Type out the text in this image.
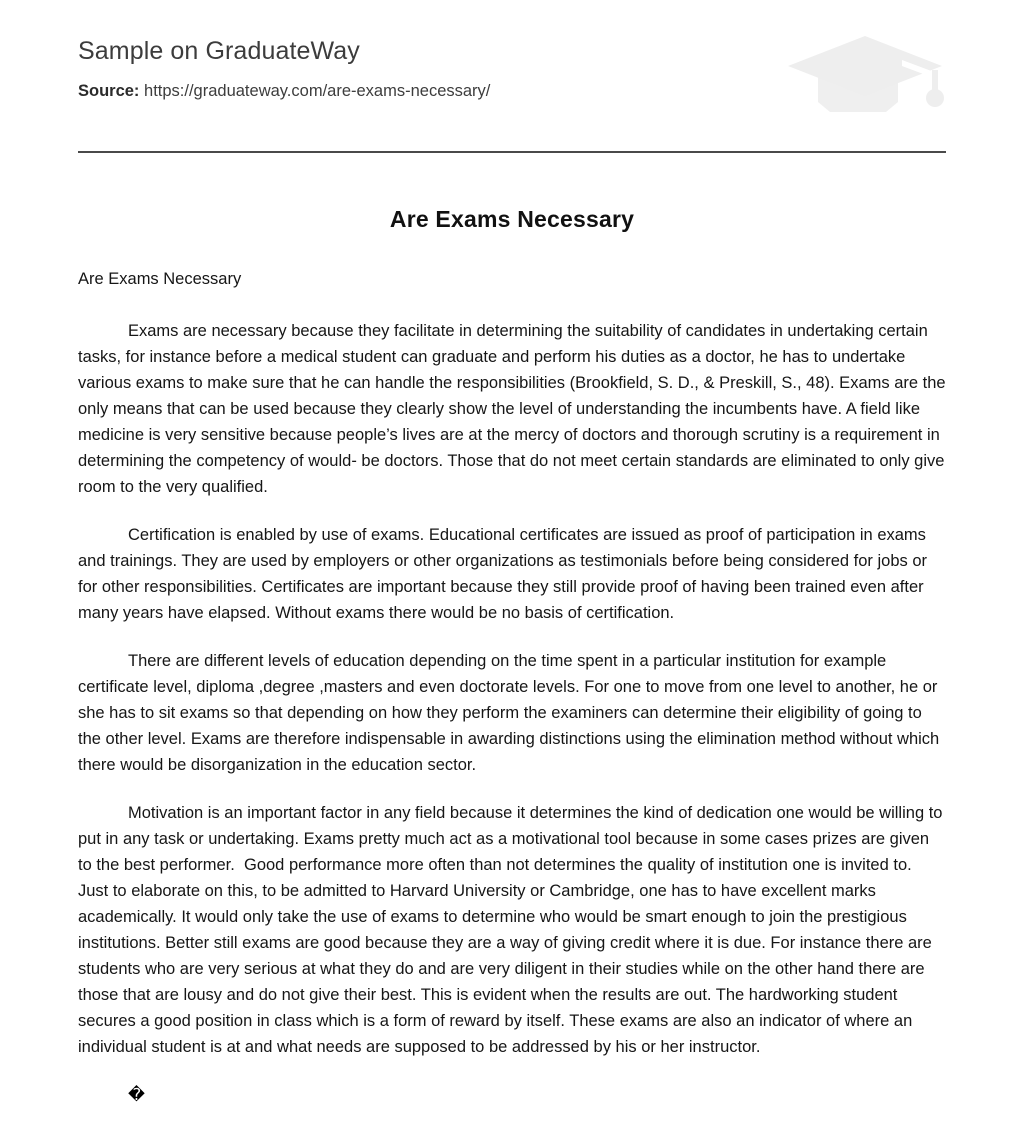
Sample on GraduateWay
Source: https://graduateway.com/are-exams-necessary/
Are Exams Necessary

Are Exams Necessary

Exams are necessary because they facilitate in determining the suitability of candidates in undertaking certain tasks, for instance before a medical student can graduate and perform his duties as a doctor, he has to undertake various exams to make sure that he can handle the responsibilities (Brookfield, S. D., & Preskill, S., 48). Exams are the only means that can be used because they clearly show the level of understanding the incumbents have. A field like medicine is very sensitive because people’s lives are at the mercy of doctors and thorough scrutiny is a requirement in determining the competency of would- be doctors. Those that do not meet certain standards are eliminated to only give room to the very qualified.

Certification is enabled by use of exams. Educational certificates are issued as proof of participation in exams and trainings. They are used by employers or other organizations as testimonials before being considered for jobs or for other responsibilities. Certificates are important because they still provide proof of having been trained even after many years have elapsed. Without exams there would be no basis of certification.

There are different levels of education depending on the time spent in a particular institution for example certificate level, diploma ,degree ,masters and even doctorate levels. For one to move from one level to another, he or she has to sit exams so that depending on how they perform the examiners can determine their eligibility of going to the other level. Exams are therefore indispensable in awarding distinctions using the elimination method without which there would be disorganization in the education sector.

Motivation is an important factor in any field because it determines the kind of dedication one would be willing to put in any task or undertaking. Exams pretty much act as a motivational tool because in some cases prizes are given to the best performer.  Good performance more often than not determines the quality of institution one is invited to. Just to elaborate on this, to be admitted to Harvard University or Cambridge, one has to have excellent marks academically. It would only take the use of exams to determine who would be smart enough to join the prestigious institutions. Better still exams are good because they are a way of giving credit where it is due. For instance there are students who are very serious at what they do and are very diligent in their studies while on the other hand there are those that are lousy and do not give their best. This is evident when the results are out. The hardworking student secures a good position in class which is a form of reward by itself. These exams are also an indicator of where an individual student is at and what needs are supposed to be addressed by his or her instructor.

�
